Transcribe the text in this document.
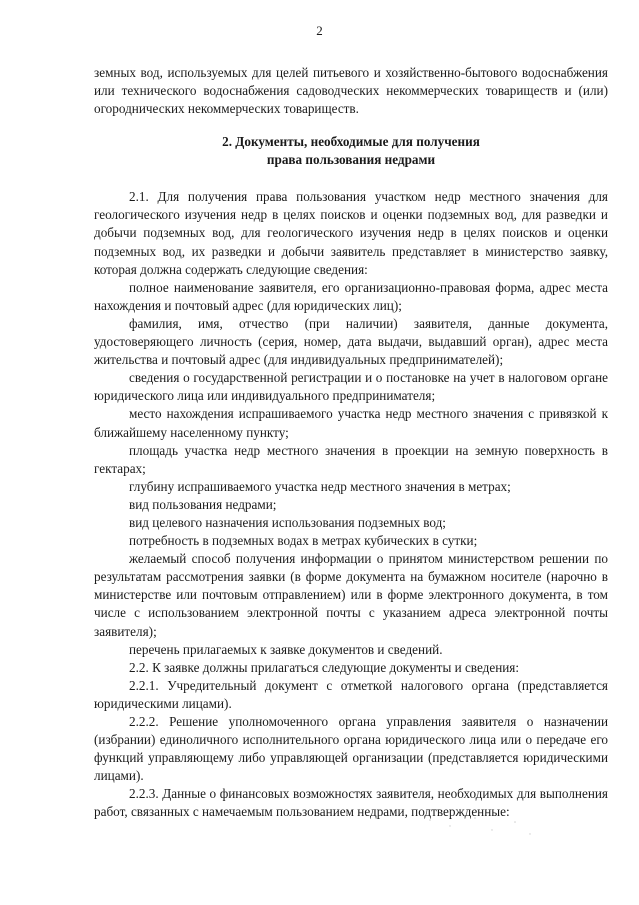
2

земных вод, используемых для целей питьевого и хозяйственно-бытового водоснабжения или технического водоснабжения садоводческих некоммерческих товариществ и (или) огороднических некоммерческих товариществ.

2. Документы, необходимые для получения
права пользования недрами

2.1. Для получения права пользования участком недр местного значения для геологического изучения недр в целях поисков и оценки подземных вод, для разведки и добычи подземных вод, для геологического изучения недр в целях поисков и оценки подземных вод, их разведки и добычи заявитель представляет в министерство заявку, которая должна содержать следующие сведения:

полное наименование заявителя, его организационно-правовая форма, адрес места нахождения и почтовый адрес (для юридических лиц);

фамилия, имя, отчество (при наличии) заявителя, данные документа, удостоверяющего личность (серия, номер, дата выдачи, выдавший орган), адрес места жительства и почтовый адрес (для индивидуальных предпринимателей);

сведения о государственной регистрации и о постановке на учет в налоговом органе юридического лица или индивидуального предпринимателя;

место нахождения испрашиваемого участка недр местного значения с привязкой к ближайшему населенному пункту;

площадь участка недр местного значения в проекции на земную поверхность в гектарах;

глубину испрашиваемого участка недр местного значения в метрах;

вид пользования недрами;

вид целевого назначения использования подземных вод;

потребность в подземных водах в метрах кубических в сутки;

желаемый способ получения информации о принятом министерством решении по результатам рассмотрения заявки (в форме документа на бумажном носителе (нарочно в министерстве или почтовым отправлением) или в форме электронного документа, в том числе с использованием электронной почты с указанием адреса электронной почты заявителя);

перечень прилагаемых к заявке документов и сведений.

2.2. К заявке должны прилагаться следующие документы и сведения:

2.2.1. Учредительный документ с отметкой налогового органа (представляется юридическими лицами).

2.2.2. Решение уполномоченного органа управления заявителя о назначении (избрании) единоличного исполнительного органа юридического лица или о передаче его функций управляющему либо управляющей организации (представляется юридическими лицами).

2.2.3. Данные о финансовых возможностях заявителя, необходимых для выполнения работ, связанных с намечаемым пользованием недрами, подтвержденные:
